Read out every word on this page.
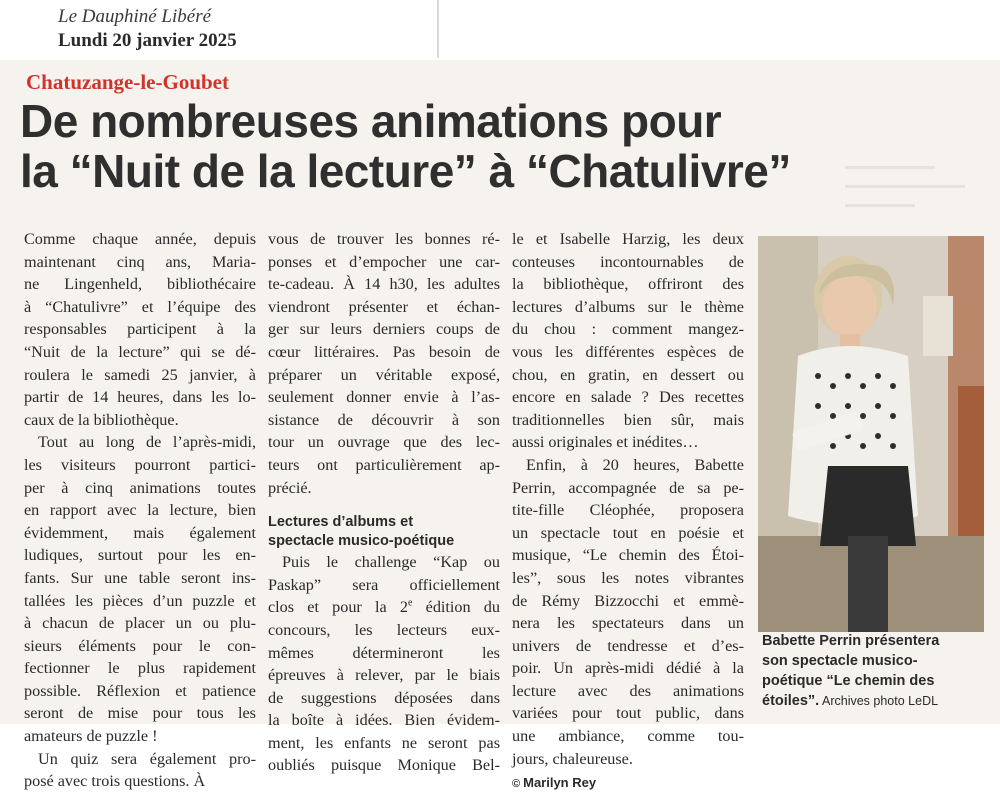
Le Dauphiné Libéré
Lundi 20 janvier 2025
Chatuzange-le-Goubet
De nombreuses animations pour
la “Nuit de la lecture” à “Chatulivre”
Comme chaque année, depuis
maintenant cinq ans, Maria-
ne Lingenheld, bibliothécaire
à “Chatulivre” et l’équipe des
responsables participent à la
“Nuit de la lecture” qui se dé-
roulera le samedi 25 janvier, à
partir de 14 heures, dans les lo-
caux de la bibliothèque.
Tout au long de l’après-midi,
les visiteurs pourront partici-
per à cinq animations toutes
en rapport avec la lecture, bien
évidemment, mais également
ludiques, surtout pour les en-
fants. Sur une table seront ins-
tallées les pièces d’un puzzle et
à chacun de placer un ou plu-
sieurs éléments pour le con-
fectionner le plus rapidement
possible. Réflexion et patience
seront de mise pour tous les
amateurs de puzzle !
Un quiz sera également pro-
posé avec trois questions. À
vous de trouver les bonnes ré-
ponses et d’empocher une car-
te-cadeau. À 14 h30, les adultes
viendront présenter et échan-
ger sur leurs derniers coups de
cœur littéraires. Pas besoin de
préparer un véritable exposé,
seulement donner envie à l’as-
sistance de découvrir à son
tour un ouvrage que des lec-
teurs ont particulièrement ap-
précié.
Lectures d’albums et
spectacle musico-poétique
Puis le challenge “Kap ou
Paskap” sera officiellement
clos et pour la 2e édition du
concours, les lecteurs eux-
mêmes détermineront les
épreuves à relever, par le biais
de suggestions déposées dans
la boîte à idées. Bien évidem-
ment, les enfants ne seront pas
oubliés puisque Monique Bel-
le et Isabelle Harzig, les deux
conteuses incontournables de
la bibliothèque, offriront des
lectures d’albums sur le thème
du chou : comment mangez-
vous les différentes espèces de
chou, en gratin, en dessert ou
encore en salade ? Des recettes
traditionnelles bien sûr, mais
aussi originales et inédites…
Enfin, à 20 heures, Babette
Perrin, accompagnée de sa pe-
tite-fille Cléophée, proposera
un spectacle tout en poésie et
musique, “Le chemin des Étoi-
les”, sous les notes vibrantes
de Rémy Bizzocchi et emmè-
nera les spectateurs dans un
univers de tendresse et d’es-
poir. Un après-midi dédié à la
lecture avec des animations
variées pour tout public, dans
une ambiance, comme tou-
jours, chaleureuse.
© Marilyn Rey
Babette Perrin présentera
son spectacle musico-
poétique “Le chemin des
étoiles”. Archives photo LeDL
